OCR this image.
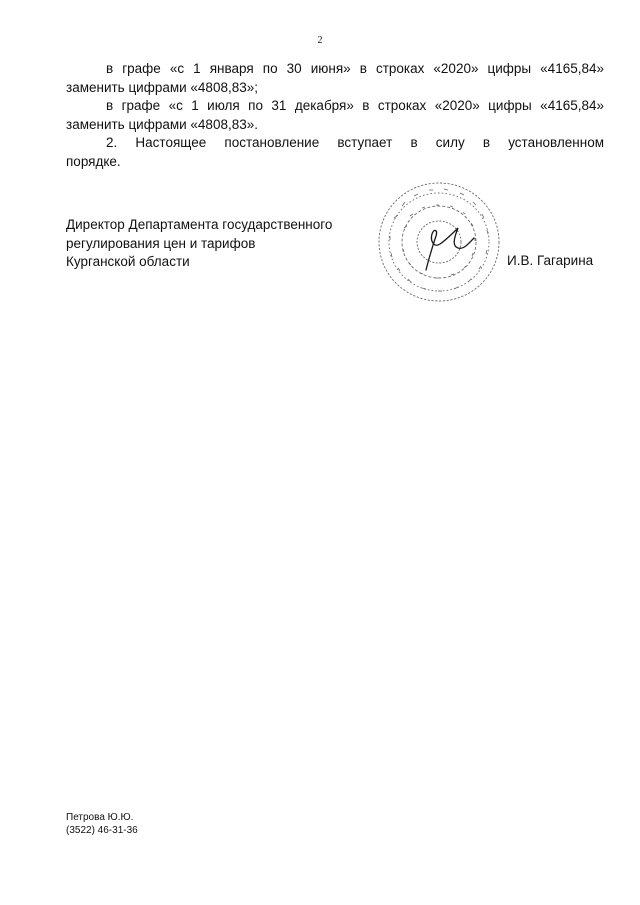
2

в графе «с 1 января по 30 июня» в строках «2020» цифры «4165,84»

заменить цифрами «4808,83»;

в графе «с 1 июля по 31 декабря» в строках «2020» цифры «4165,84»

заменить цифрами «4808,83».

2. Настоящее постановление вступает в силу в установленном

порядке.

Директор Департамента государственного
регулирования цен и тарифов
Курганской области	И.В. Гагарина
Петрова Ю.Ю.
(3522) 46-31-36
